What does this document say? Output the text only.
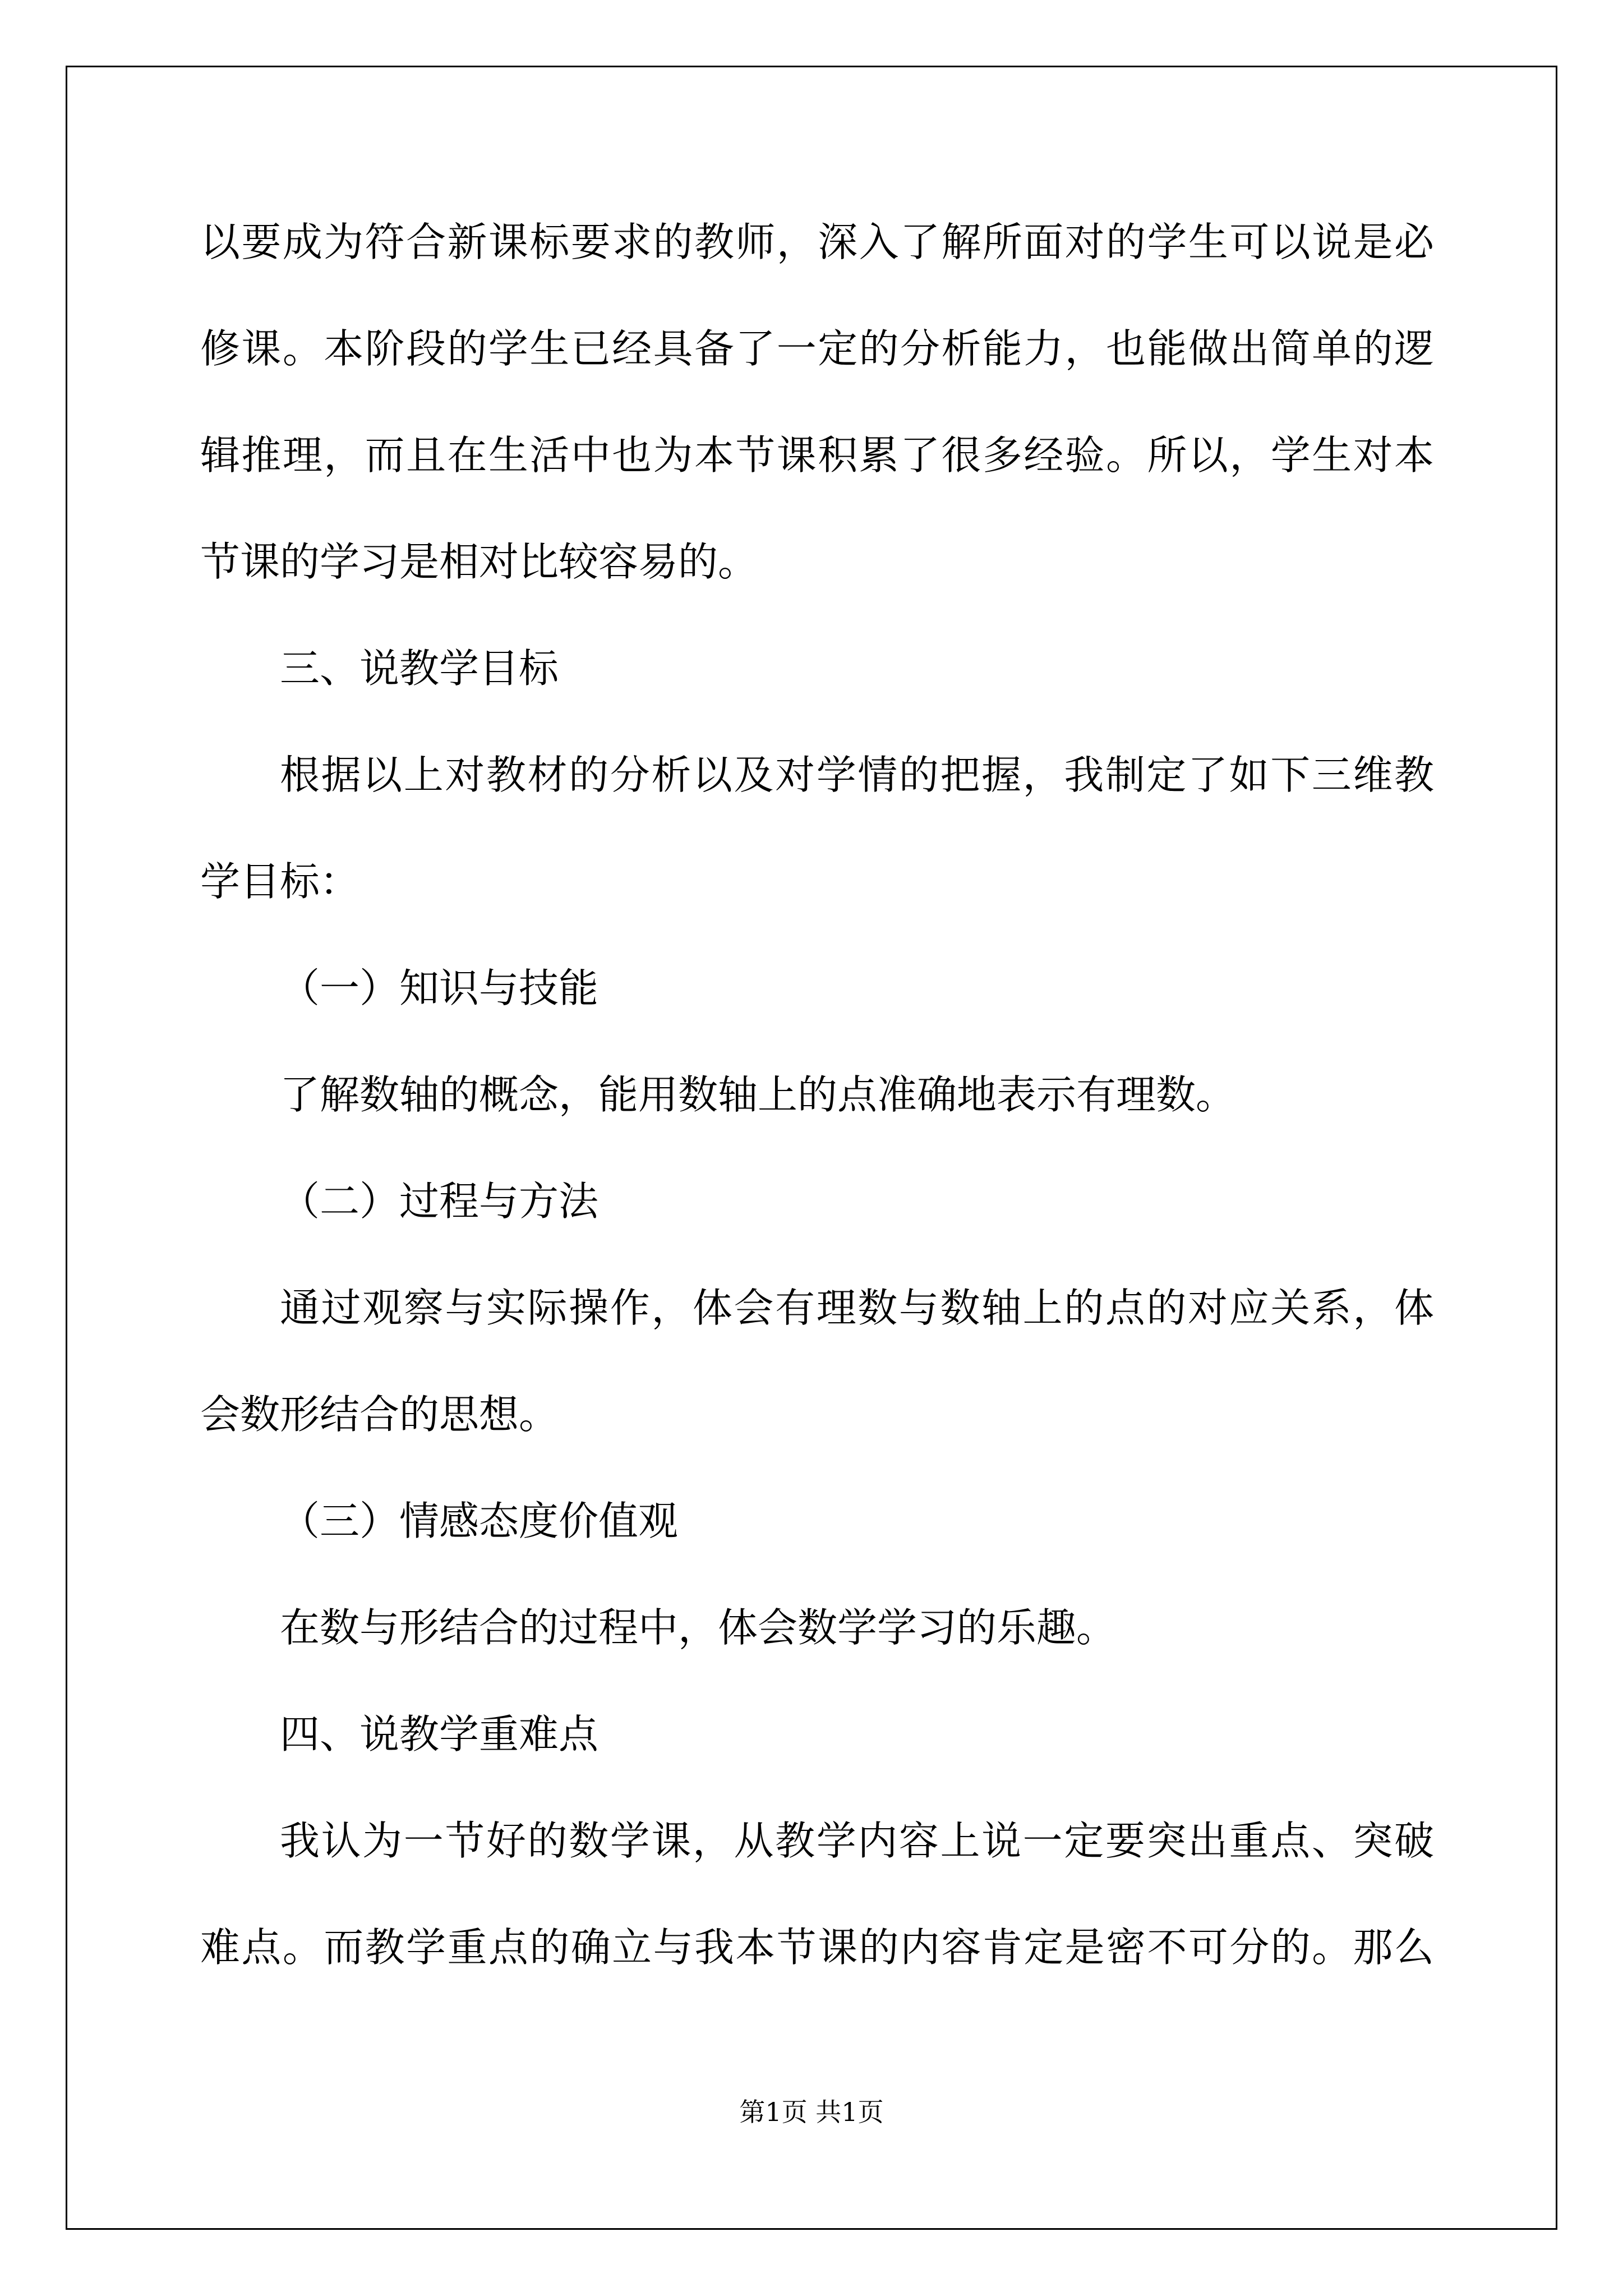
以要成为符合新课标要求的教师，深入了解所面对的学生可以说是必
修课。本阶段的学生已经具备了一定的分析能力，也能做出简单的逻
辑推理，而且在生活中也为本节课积累了很多经验。所以，学生对本
节课的学习是相对比较容易的。
三、说教学目标
根据以上对教材的分析以及对学情的把握，我制定了如下三维教
学目标：
（一）知识与技能
了解数轴的概念，能用数轴上的点准确地表示有理数。
（二）过程与方法
通过观察与实际操作，体会有理数与数轴上的点的对应关系，体
会数形结合的思想。
（三）情感态度价值观
在数与形结合的过程中，体会数学学习的乐趣。
四、说教学重难点
我认为一节好的数学课，从教学内容上说一定要突出重点、突破
难点。而教学重点的确立与我本节课的内容肯定是密不可分的。那么
第1页 共1页
